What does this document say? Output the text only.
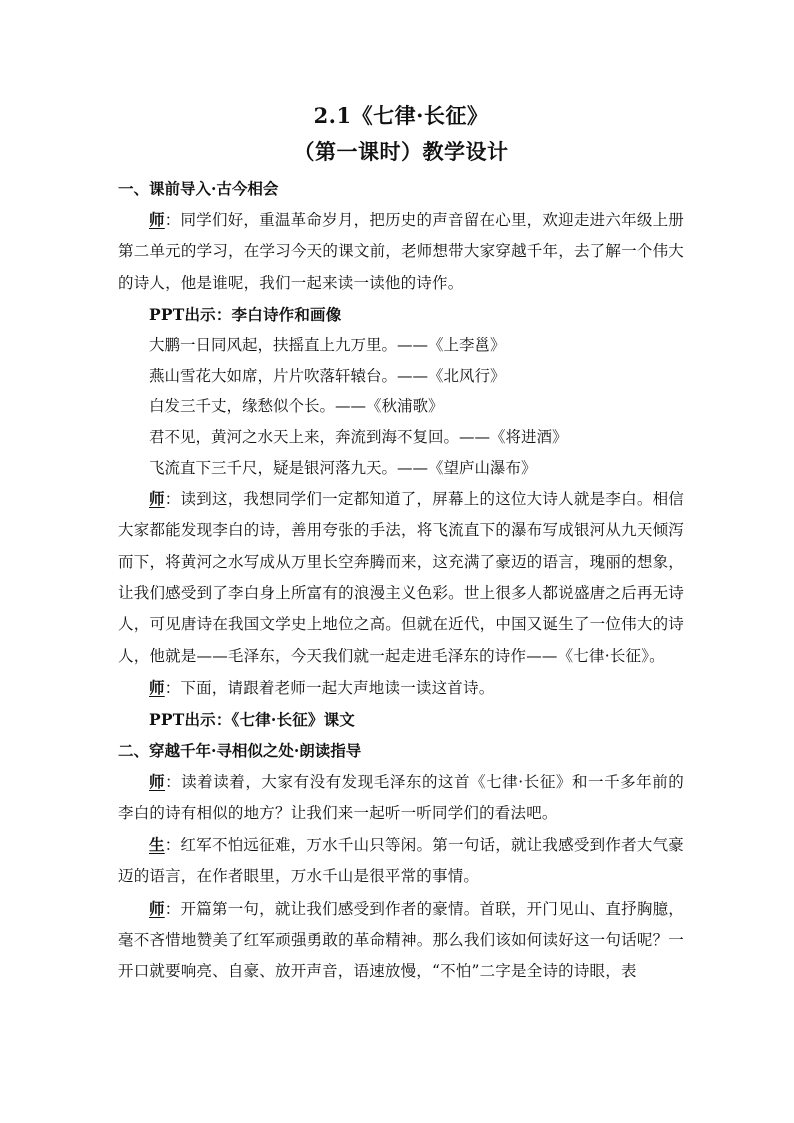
2.1《七律·长征》

（第一课时）教学设计

一、课前导入·古今相会

师：同学们好，重温革命岁月，把历史的声音留在心里，欢迎走进六年级上册第二单元的学习，在学习今天的课文前，老师想带大家穿越千年，去了解一个伟大的诗人，他是谁呢，我们一起来读一读他的诗作。

PPT出示：李白诗作和画像

大鹏一日同风起，扶摇直上九万里。——《上李邕》

燕山雪花大如席，片片吹落轩辕台。——《北风行》

白发三千丈，缘愁似个长。——《秋浦歌》

君不见，黄河之水天上来，奔流到海不复回。——《将进酒》

飞流直下三千尺，疑是银河落九天。——《望庐山瀑布》

师：读到这，我想同学们一定都知道了，屏幕上的这位大诗人就是李白。相信大家都能发现李白的诗，善用夸张的手法，将飞流直下的瀑布写成银河从九天倾泻而下，将黄河之水写成从万里长空奔腾而来，这充满了豪迈的语言，瑰丽的想象，让我们感受到了李白身上所富有的浪漫主义色彩。世上很多人都说盛唐之后再无诗人，可见唐诗在我国文学史上地位之高。但就在近代，中国又诞生了一位伟大的诗人，他就是——毛泽东，今天我们就一起走进毛泽东的诗作——《七律·长征》。

师：下面，请跟着老师一起大声地读一读这首诗。

PPT出示：《七律·长征》课文

二、穿越千年·寻相似之处·朗读指导

师：读着读着，大家有没有发现毛泽东的这首《七律·长征》和一千多年前的李白的诗有相似的地方？让我们来一起听一听同学们的看法吧。

生：红军不怕远征难，万水千山只等闲。第一句话，就让我感受到作者大气豪迈的语言，在作者眼里，万水千山是很平常的事情。

师：开篇第一句，就让我们感受到作者的豪情。首联，开门见山、直抒胸臆，毫不吝惜地赞美了红军顽强勇敢的革命精神。那么我们该如何读好这一句话呢？一开口就要响亮、自豪、放开声音，语速放慢，“不怕”二字是全诗的诗眼，表
